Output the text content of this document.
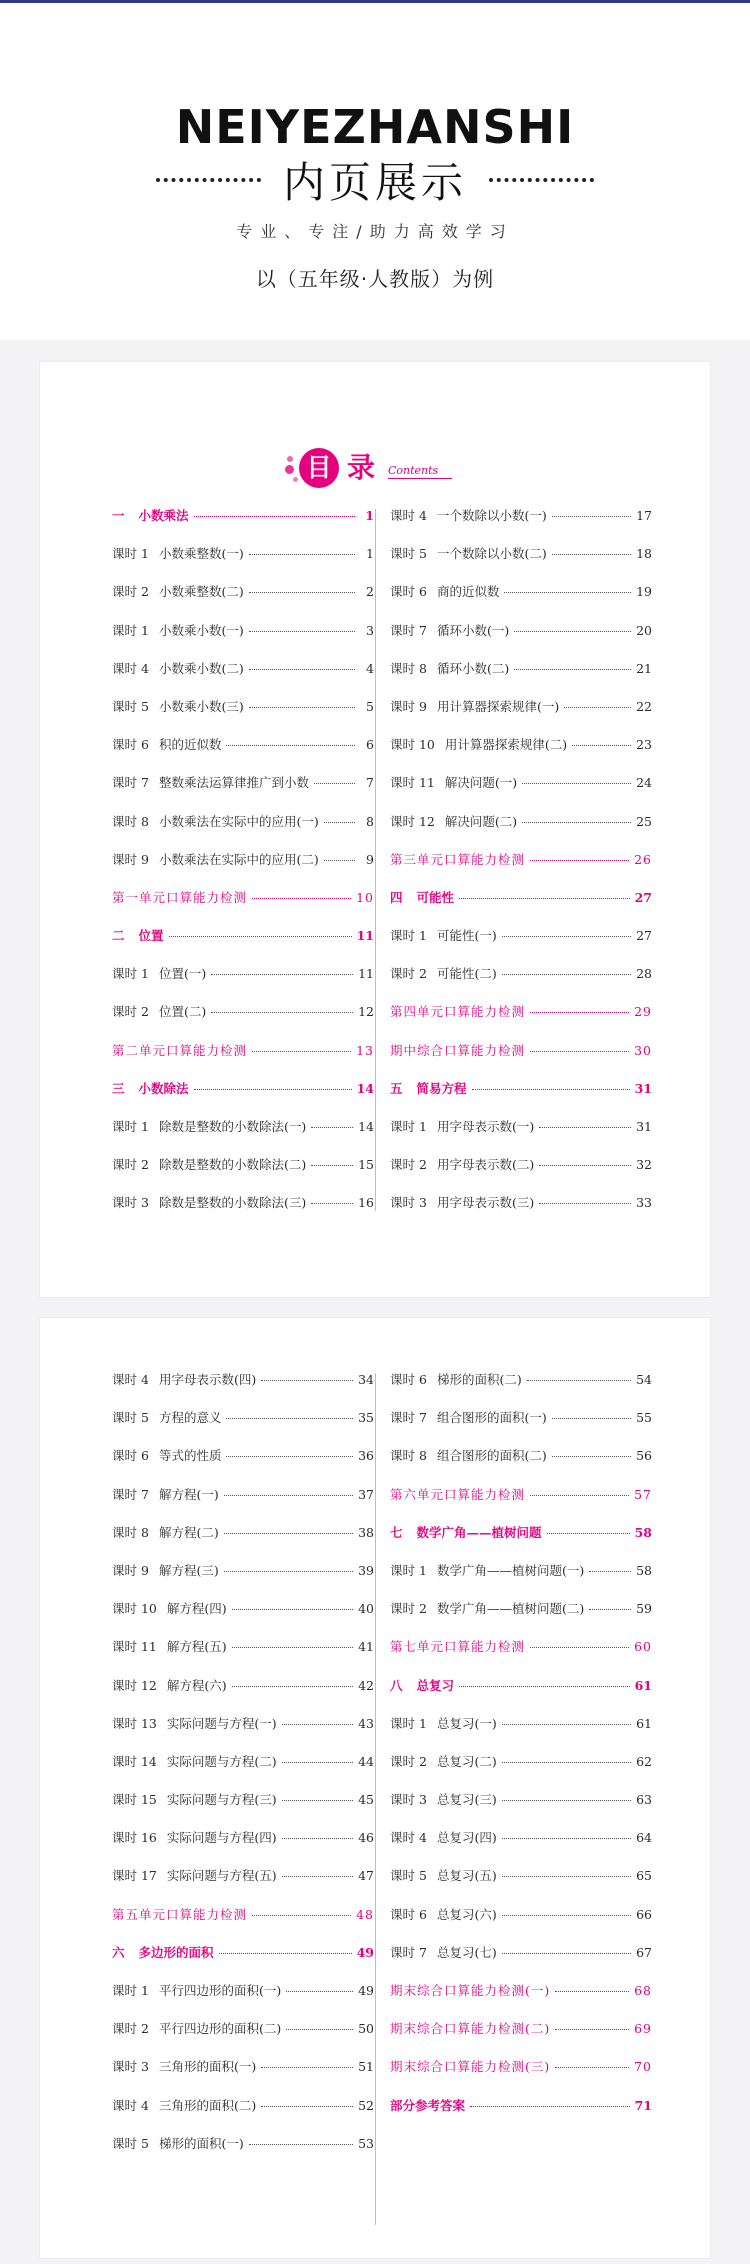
NEIYEZHANSHI
内页展示
专业、专注/助力高效学习
以（五年级·人教版）为例
目 录 Contents
一 小数乘法	1
课时 1 小数乘整数(一)	1
课时 2 小数乘整数(二)	2
课时 1 小数乘小数(一)	3
课时 4 小数乘小数(二)	4
课时 5 小数乘小数(三)	5
课时 6 积的近似数	6
课时 7 整数乘法运算律推广到小数	7
课时 8 小数乘法在实际中的应用(一)	8
课时 9 小数乘法在实际中的应用(二)	9
第一单元口算能力检测	10
二 位置	11
课时 1 位置(一)	11
课时 2 位置(二)	12
第二单元口算能力检测	13
三 小数除法	14
课时 1 除数是整数的小数除法(一)	14
课时 2 除数是整数的小数除法(二)	15
课时 3 除数是整数的小数除法(三)	16
课时 4 一个数除以小数(一)	17
课时 5 一个数除以小数(二)	18
课时 6 商的近似数	19
课时 7 循环小数(一)	20
课时 8 循环小数(二)	21
课时 9 用计算器探索规律(一)	22
课时 10 用计算器探索规律(二)	23
课时 11 解决问题(一)	24
课时 12 解决问题(二)	25
第三单元口算能力检测	26
四 可能性	27
课时 1 可能性(一)	27
课时 2 可能性(二)	28
第四单元口算能力检测	29
期中综合口算能力检测	30
五 简易方程	31
课时 1 用字母表示数(一)	31
课时 2 用字母表示数(二)	32
课时 3 用字母表示数(三)	33
课时 4 用字母表示数(四)	34
课时 5 方程的意义	35
课时 6 等式的性质	36
课时 7 解方程(一)	37
课时 8 解方程(二)	38
课时 9 解方程(三)	39
课时 10 解方程(四)	40
课时 11 解方程(五)	41
课时 12 解方程(六)	42
课时 13 实际问题与方程(一)	43
课时 14 实际问题与方程(二)	44
课时 15 实际问题与方程(三)	45
课时 16 实际问题与方程(四)	46
课时 17 实际问题与方程(五)	47
第五单元口算能力检测	48
六 多边形的面积	49
课时 1 平行四边形的面积(一)	49
课时 2 平行四边形的面积(二)	50
课时 3 三角形的面积(一)	51
课时 4 三角形的面积(二)	52
课时 5 梯形的面积(一)	53
课时 6 梯形的面积(二)	54
课时 7 组合图形的面积(一)	55
课时 8 组合图形的面积(二)	56
第六单元口算能力检测	57
七 数学广角——植树问题	58
课时 1 数学广角——植树问题(一)	58
课时 2 数学广角——植树问题(二)	59
第七单元口算能力检测	60
八 总复习	61
课时 1 总复习(一)	61
课时 2 总复习(二)	62
课时 3 总复习(三)	63
课时 4 总复习(四)	64
课时 5 总复习(五)	65
课时 6 总复习(六)	66
课时 7 总复习(七)	67
期末综合口算能力检测(一)	68
期末综合口算能力检测(二)	69
期末综合口算能力检测(三)	70
部分参考答案	71
